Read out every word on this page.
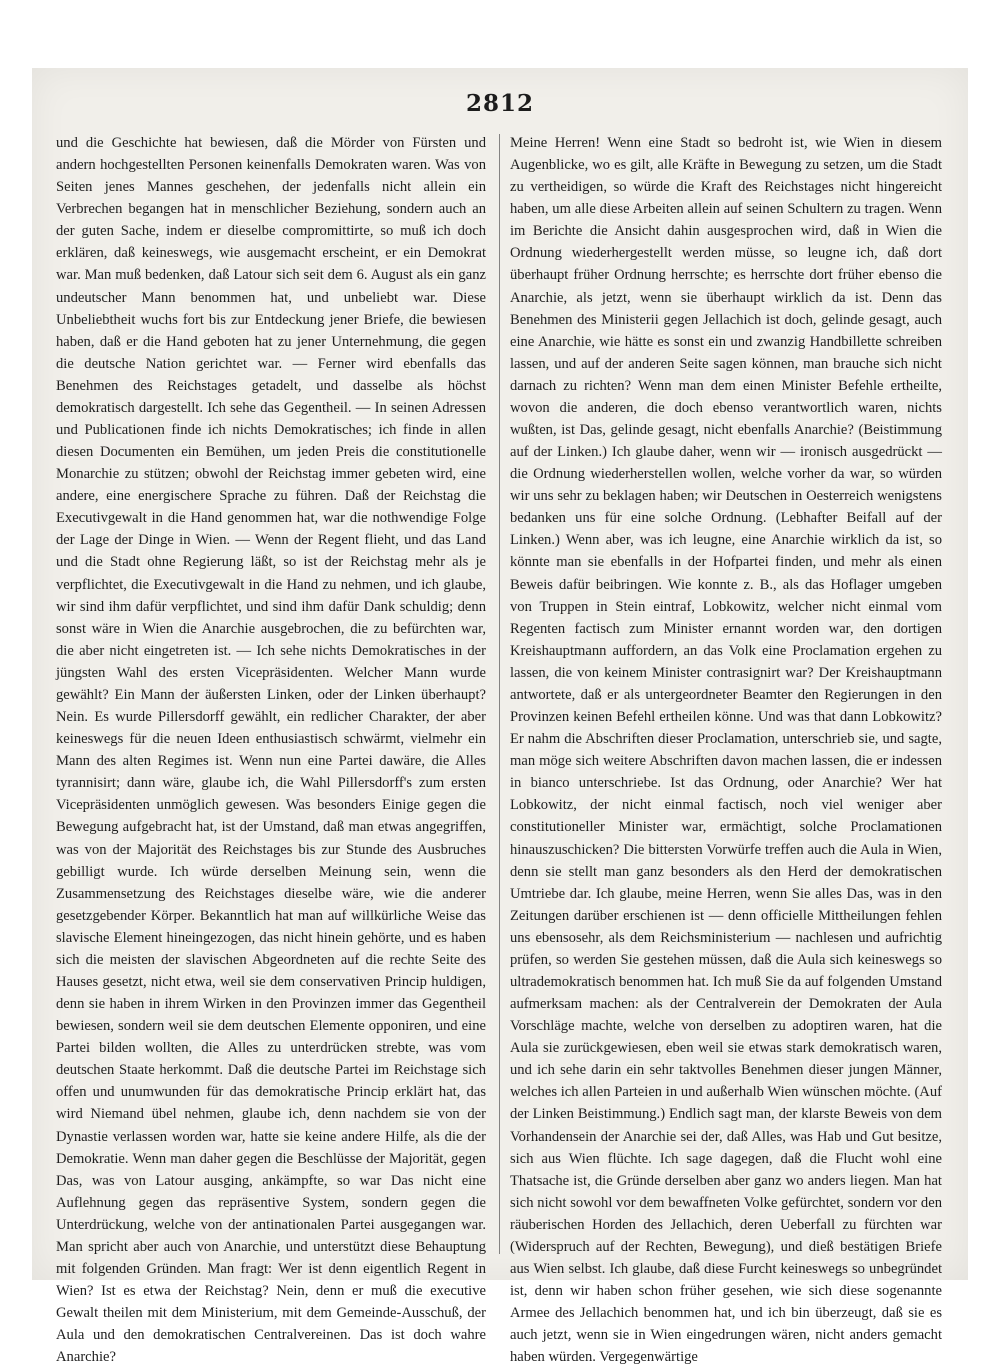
2812

und die Geschichte hat bewiesen, daß die Mörder von Fürsten und andern hochgestellten Personen keinenfalls Demokraten waren. Was von Seiten jenes Mannes geschehen, der jedenfalls nicht allein ein Verbrechen begangen hat in menschlicher Beziehung, sondern auch an der guten Sache, indem er dieselbe compromittirte, so muß ich doch erklären, daß keineswegs, wie ausgemacht erscheint, er ein Demokrat war. Man muß bedenken, daß Latour sich seit dem 6. August als ein ganz undeutscher Mann benommen hat, und unbeliebt war. Diese Unbeliebtheit wuchs fort bis zur Entdeckung jener Briefe, die bewiesen haben, daß er die Hand geboten hat zu jener Unternehmung, die gegen die deutsche Nation gerichtet war. — Ferner wird ebenfalls das Benehmen des Reichstages getadelt, und dasselbe als höchst demokratisch dargestellt. Ich sehe das Gegentheil. — In seinen Adressen und Publicationen finde ich nichts Demokratisches; ich finde in allen diesen Documenten ein Bemühen, um jeden Preis die constitutionelle Monarchie zu stützen; obwohl der Reichstag immer gebeten wird, eine andere, eine energischere Sprache zu führen. Daß der Reichstag die Executivgewalt in die Hand genommen hat, war die nothwendige Folge der Lage der Dinge in Wien. — Wenn der Regent flieht, und das Land und die Stadt ohne Regierung läßt, so ist der Reichstag mehr als je verpflichtet, die Executivgewalt in die Hand zu nehmen, und ich glaube, wir sind ihm dafür verpflichtet, und sind ihm dafür Dank schuldig; denn sonst wäre in Wien die Anarchie ausgebrochen, die zu befürchten war, die aber nicht eingetreten ist. — Ich sehe nichts Demokratisches in der jüngsten Wahl des ersten Vicepräsidenten. Welcher Mann wurde gewählt? Ein Mann der äußersten Linken, oder der Linken überhaupt? Nein. Es wurde Pillersdorff gewählt, ein redlicher Charakter, der aber keineswegs für die neuen Ideen enthusiastisch schwärmt, vielmehr ein Mann des alten Regimes ist. Wenn nun eine Partei dawäre, die Alles tyrannisirt; dann wäre, glaube ich, die Wahl Pillersdorff's zum ersten Vicepräsidenten unmöglich gewesen. Was besonders Einige gegen die Bewegung aufgebracht hat, ist der Umstand, daß man etwas angegriffen, was von der Majorität des Reichstages bis zur Stunde des Ausbruches gebilligt wurde. Ich würde derselben Meinung sein, wenn die Zusammensetzung des Reichstages dieselbe wäre, wie die anderer gesetzgebender Körper. Bekanntlich hat man auf willkürliche Weise das slavische Element hineingezogen, das nicht hinein gehörte, und es haben sich die meisten der slavischen Abgeordneten auf die rechte Seite des Hauses gesetzt, nicht etwa, weil sie dem conservativen Princip huldigen, denn sie haben in ihrem Wirken in den Provinzen immer das Gegentheil bewiesen, sondern weil sie dem deutschen Elemente opponiren, und eine Partei bilden wollten, die Alles zu unterdrücken strebte, was vom deutschen Staate herkommt. Daß die deutsche Partei im Reichstage sich offen und unumwunden für das demokratische Princip erklärt hat, das wird Niemand übel nehmen, glaube ich, denn nachdem sie von der Dynastie verlassen worden war, hatte sie keine andere Hilfe, als die der Demokratie. Wenn man daher gegen die Beschlüsse der Majorität, gegen Das, was von Latour ausging, ankämpfte, so war Das nicht eine Auflehnung gegen das repräsentive System, sondern gegen die Unterdrückung, welche von der antinationalen Partei ausgegangen war. Man spricht aber auch von Anarchie, und unterstützt diese Behauptung mit folgenden Gründen. Man fragt: Wer ist denn eigentlich Regent in Wien? Ist es etwa der Reichstag? Nein, denn er muß die executive Gewalt theilen mit dem Ministerium, mit dem Gemeinde-Ausschuß, der Aula und den demokratischen Centralvereinen. Das ist doch wahre Anarchie?

Meine Herren! Wenn eine Stadt so bedroht ist, wie Wien in diesem Augenblicke, wo es gilt, alle Kräfte in Bewegung zu setzen, um die Stadt zu vertheidigen, so würde die Kraft des Reichstages nicht hingereicht haben, um alle diese Arbeiten allein auf seinen Schultern zu tragen. Wenn im Berichte die Ansicht dahin ausgesprochen wird, daß in Wien die Ordnung wiederhergestellt werden müsse, so leugne ich, daß dort überhaupt früher Ordnung herrschte; es herrschte dort früher ebenso die Anarchie, als jetzt, wenn sie überhaupt wirklich da ist. Denn das Benehmen des Ministerii gegen Jellachich ist doch, gelinde gesagt, auch eine Anarchie, wie hätte es sonst ein und zwanzig Handbillette schreiben lassen, und auf der anderen Seite sagen können, man brauche sich nicht darnach zu richten? Wenn man dem einen Minister Befehle ertheilte, wovon die anderen, die doch ebenso verantwortlich waren, nichts wußten, ist Das, gelinde gesagt, nicht ebenfalls Anarchie? (Beistimmung auf der Linken.) Ich glaube daher, wenn wir — ironisch ausgedrückt — die Ordnung wiederherstellen wollen, welche vorher da war, so würden wir uns sehr zu beklagen haben; wir Deutschen in Oesterreich wenigstens bedanken uns für eine solche Ordnung. (Lebhafter Beifall auf der Linken.) Wenn aber, was ich leugne, eine Anarchie wirklich da ist, so könnte man sie ebenfalls in der Hofpartei finden, und mehr als einen Beweis dafür beibringen. Wie konnte z. B., als das Hoflager umgeben von Truppen in Stein eintraf, Lobkowitz, welcher nicht einmal vom Regenten factisch zum Minister ernannt worden war, den dortigen Kreishauptmann auffordern, an das Volk eine Proclamation ergehen zu lassen, die von keinem Minister contrasignirt war? Der Kreishauptmann antwortete, daß er als untergeordneter Beamter den Regierungen in den Provinzen keinen Befehl ertheilen könne. Und was that dann Lobkowitz? Er nahm die Abschriften dieser Proclamation, unterschrieb sie, und sagte, man möge sich weitere Abschriften davon machen lassen, die er indessen in bianco unterschriebe. Ist das Ordnung, oder Anarchie? Wer hat Lobkowitz, der nicht einmal factisch, noch viel weniger aber constitutioneller Minister war, ermächtigt, solche Proclamationen hinauszuschicken? Die bittersten Vorwürfe treffen auch die Aula in Wien, denn sie stellt man ganz besonders als den Herd der demokratischen Umtriebe dar. Ich glaube, meine Herren, wenn Sie alles Das, was in den Zeitungen darüber erschienen ist — denn officielle Mittheilungen fehlen uns ebensosehr, als dem Reichsministerium — nachlesen und aufrichtig prüfen, so werden Sie gestehen müssen, daß die Aula sich keineswegs so ultrademokratisch benommen hat. Ich muß Sie da auf folgenden Umstand aufmerksam machen: als der Centralverein der Demokraten der Aula Vorschläge machte, welche von derselben zu adoptiren waren, hat die Aula sie zurückgewiesen, eben weil sie etwas stark demokratisch waren, und ich sehe darin ein sehr taktvolles Benehmen dieser jungen Männer, welches ich allen Parteien in und außerhalb Wien wünschen möchte. (Auf der Linken Beistimmung.) Endlich sagt man, der klarste Beweis von dem Vorhandensein der Anarchie sei der, daß Alles, was Hab und Gut besitze, sich aus Wien flüchte. Ich sage dagegen, daß die Flucht wohl eine Thatsache ist, die Gründe derselben aber ganz wo anders liegen. Man hat sich nicht sowohl vor dem bewaffneten Volke gefürchtet, sondern vor den räuberischen Horden des Jellachich, deren Ueberfall zu fürchten war (Widerspruch auf der Rechten, Bewegung), und dieß bestätigen Briefe aus Wien selbst. Ich glaube, daß diese Furcht keineswegs so unbegründet ist, denn wir haben schon früher gesehen, wie sich diese sogenannte Armee des Jellachich benommen hat, und ich bin überzeugt, daß sie es auch jetzt, wenn sie in Wien eingedrungen wären, nicht anders gemacht haben würden. Vergegenwärtige
